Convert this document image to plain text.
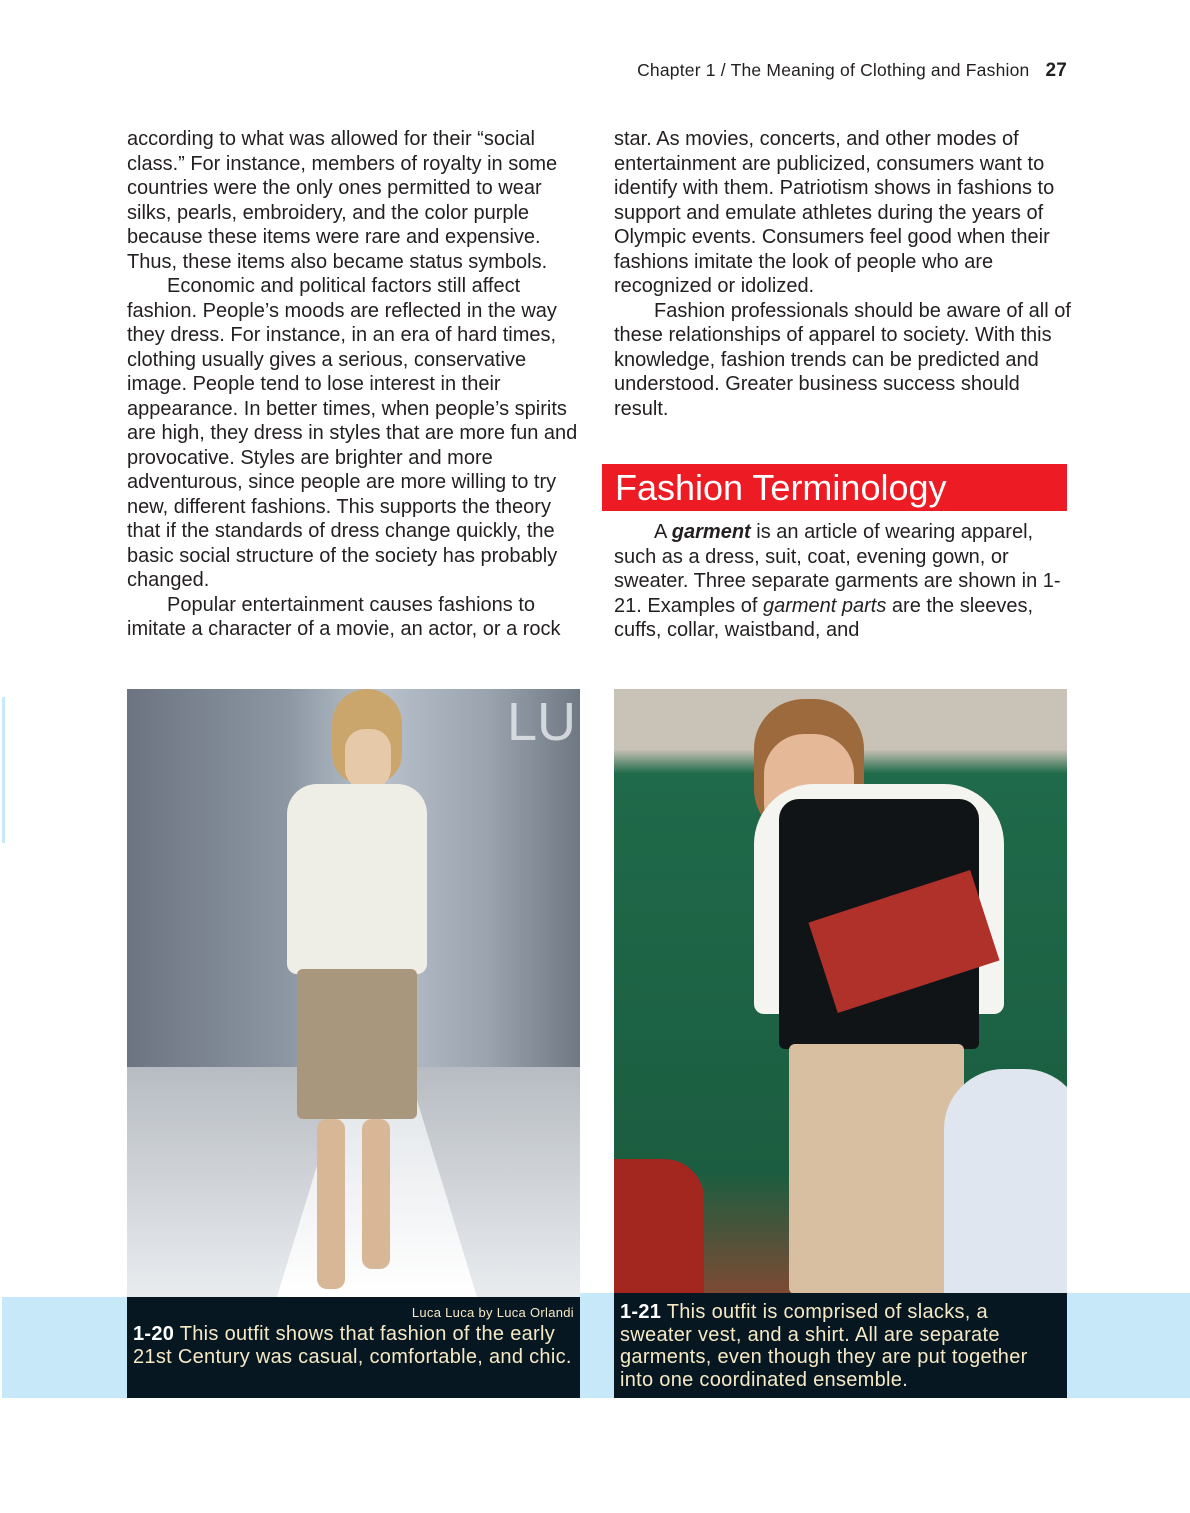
Chapter 1 / The Meaning of Clothing and Fashion 27

according to what was allowed for their “social class.” For instance, members of royalty in some countries were the only ones permitted to wear silks, pearls, embroidery, and the color purple because these items were rare and expensive. Thus, these items also became status symbols.

Economic and political factors still affect fashion. People’s moods are reflected in the way they dress. For instance, in an era of hard times, clothing usually gives a serious, conservative image. People tend to lose interest in their appearance. In better times, when people’s spirits are high, they dress in styles that are more fun and provocative. Styles are brighter and more adventurous, since people are more willing to try new, different fashions. This supports the theory that if the standards of dress change quickly, the basic social structure of the society has probably changed.

Popular entertainment causes fashions to imitate a character of a movie, an actor, or a rock

star. As movies, concerts, and other modes of entertainment are publicized, consumers want to identify with them. Patriotism shows in fashions to support and emulate athletes during the years of Olympic events. Consumers feel good when their fashions imitate the look of people who are recognized or idolized.

Fashion professionals should be aware of all of these relationships of apparel to society. With this knowledge, fashion trends can be predicted and understood. Greater business success should result.

Fashion Terminology

A garment is an article of wearing apparel, such as a dress, suit, coat, evening gown, or sweater. Three separate garments are shown in 1-21. Examples of garment parts are the sleeves, cuffs, collar, waistband, and

LU
Luca Luca by Luca Orlandi
1-20 This outfit shows that fashion of the early 21st Century was casual, comfortable, and chic.
1-21 This outfit is comprised of slacks, a sweater vest, and a shirt. All are separate garments, even though they are put together into one coordinated ensemble.
